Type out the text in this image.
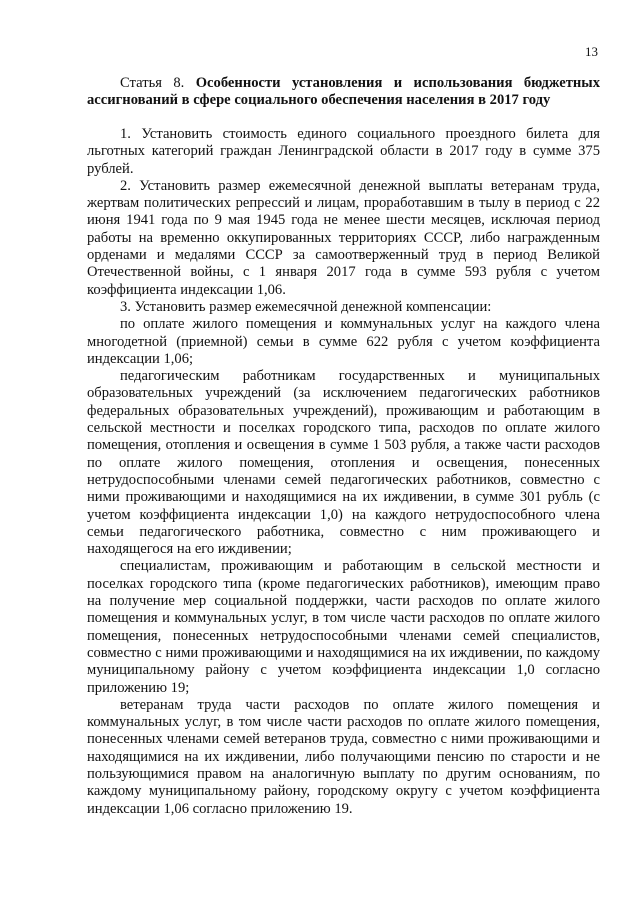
13
Статья 8. Особенности установления и использования бюджетных ассигнований в сфере социального обеспечения населения в 2017 году

1. Установить стоимость единого социального проездного билета для льготных категорий граждан Ленинградской области в 2017 году в сумме 375 рублей.

2. Установить размер ежемесячной денежной выплаты ветеранам труда, жертвам политических репрессий и лицам, проработавшим в тылу в период с 22 июня 1941 года по 9 мая 1945 года не менее шести месяцев, исключая период работы на временно оккупированных территориях СССР, либо награжденным орденами и медалями СССР за самоотверженный труд в период Великой Отечественной войны, с 1 января 2017 года в сумме 593 рубля с учетом коэффициента индексации 1,06.

3. Установить размер ежемесячной денежной компенсации:

по оплате жилого помещения и коммунальных услуг на каждого члена многодетной (приемной) семьи в сумме 622 рубля с учетом коэффициента индексации 1,06;

педагогическим работникам государственных и муниципальных образовательных учреждений (за исключением педагогических работников федеральных образовательных учреждений), проживающим и работающим в сельской местности и поселках городского типа, расходов по оплате жилого помещения, отопления и освещения в сумме 1 503 рубля, а также части расходов по оплате жилого помещения, отопления и освещения, понесенных нетрудоспособными членами семей педагогических работников, совместно с ними проживающими и находящимися на их иждивении, в сумме 301 рубль (с учетом коэффициента индексации 1,0) на каждого нетрудоспособного члена семьи педагогического работника, совместно с ним проживающего и находящегося на его иждивении;

специалистам, проживающим и работающим в сельской местности и поселках городского типа (кроме педагогических работников), имеющим право на получение мер социальной поддержки, части расходов по оплате жилого помещения и коммунальных услуг, в том числе части расходов по оплате жилого помещения, понесенных нетрудоспособными членами семей специалистов, совместно с ними проживающими и находящимися на их иждивении, по каждому муниципальному району с учетом коэффициента индексации 1,0 согласно приложению 19;

ветеранам труда части расходов по оплате жилого помещения и коммунальных услуг, в том числе части расходов по оплате жилого помещения, понесенных членами семей ветеранов труда, совместно с ними проживающими и находящимися на их иждивении, либо получающими пенсию по старости и не пользующимися правом на аналогичную выплату по другим основаниям, по каждому муниципальному району, городскому округу с учетом коэффициента индексации 1,06 согласно приложению 19.
